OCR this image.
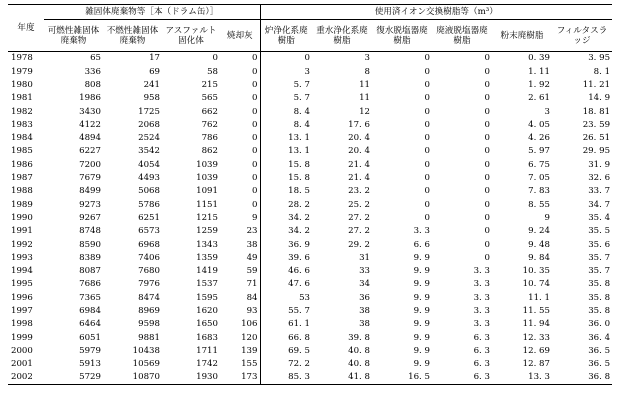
年度	雑固体廃棄物等［本（ドラム缶）］				使用済イオン交換樹脂等（m³）					
	可燃性雑固体廃棄物	不燃性雑固体廃棄物	アスファルト固化体	焼却灰	炉浄化系廃樹脂	重水浄化系廃樹脂	復水脱塩器廃樹脂	廃液脱塩器廃樹脂	粉末廃樹脂	フィルタスラッジ
1978	65	17	0	0	0	3	0	0	0. 39	3. 95
1979	336	69	58	0	3	8	0	0	1. 11	8. 1
1980	808	241	215	0	5. 7	11	0	0	1. 92	11. 21
1981	1986	958	565	0	5. 7	11	0	0	2. 61	14. 9
1982	3430	1725	662	0	8. 4	12	0	0	3	18. 81
1983	4122	2068	762	0	8. 4	17. 6	0	0	4. 05	23. 59
1984	4894	2524	786	0	13. 1	20. 4	0	0	4. 26	26. 51
1985	6227	3542	862	0	13. 1	20. 4	0	0	5. 97	29. 95
1986	7200	4054	1039	0	15. 8	21. 4	0	0	6. 75	31. 9
1987	7679	4493	1039	0	15. 8	21. 4	0	0	7. 05	32. 6
1988	8499	5068	1091	0	18. 5	23. 2	0	0	7. 83	33. 7
1989	9273	5786	1151	0	28. 2	25. 2	0	0	8. 55	34. 7
1990	9267	6251	1215	9	34. 2	27. 2	0	0	9	35. 4
1991	8748	6573	1259	23	34. 2	27. 2	3. 3	0	9. 24	35. 5
1992	8590	6968	1343	38	36. 9	29. 2	6. 6	0	9. 48	35. 6
1993	8389	7406	1359	49	39. 6	31	9. 9	0	9. 84	35. 7
1994	8087	7680	1419	59	46. 6	33	9. 9	3. 3	10. 35	35. 7
1995	7686	7976	1537	71	47. 6	34	9. 9	3. 3	10. 74	35. 8
1996	7365	8474	1595	84	53	36	9. 9	3. 3	11. 1	35. 8
1997	6984	8969	1620	93	55. 7	38	9. 9	3. 3	11. 55	35. 8
1998	6464	9598	1650	106	61. 1	38	9. 9	3. 3	11. 94	36. 0
1999	6051	9881	1683	120	66. 8	39. 8	9. 9	6. 3	12. 33	36. 4
2000	5979	10438	1711	139	69. 5	40. 8	9. 9	6. 3	12. 69	36. 5
2001	5913	10569	1742	155	72. 2	40. 8	9. 9	6. 3	12. 87	36. 5
2002	5729	10870	1930	173	85. 3	41. 8	16. 5	6. 3	13. 3	36. 8
